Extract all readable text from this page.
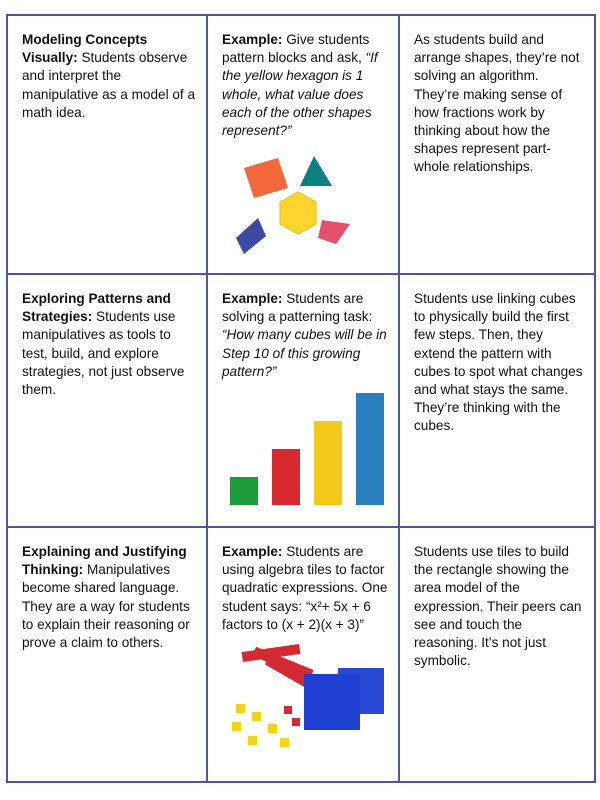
Modeling Concepts Visually: Students observe and interpret the manipulative as a model of a math idea.	Example: Give students pattern blocks and ask, “If the yellow hexagon is 1 whole, what value does each of the other shapes represent?”	As students build and arrange shapes, they’re not solving an algorithm. They’re making sense of how fractions work by thinking about how the shapes represent part-whole relationships.
Exploring Patterns and Strategies: Students use manipulatives as tools to test, build, and explore strategies, not just observe them.	Example: Students are solving a patterning task: “How many cubes will be in Step 10 of this growing pattern?”	Students use linking cubes to physically build the first few steps. Then, they extend the pattern with cubes to spot what changes and what stays the same. They’re thinking with the cubes.
Explaining and Justifying Thinking: Manipulatives become shared language. They are a way for students to explain their reasoning or prove a claim to others.	Example: Students are using algebra tiles to factor quadratic expressions. One student says: “x²+ 5x + 6 factors to (x + 2)(x + 3)”	Students use tiles to build the rectangle showing the area model of the expression. Their peers can see and touch the reasoning. It’s not just symbolic.
